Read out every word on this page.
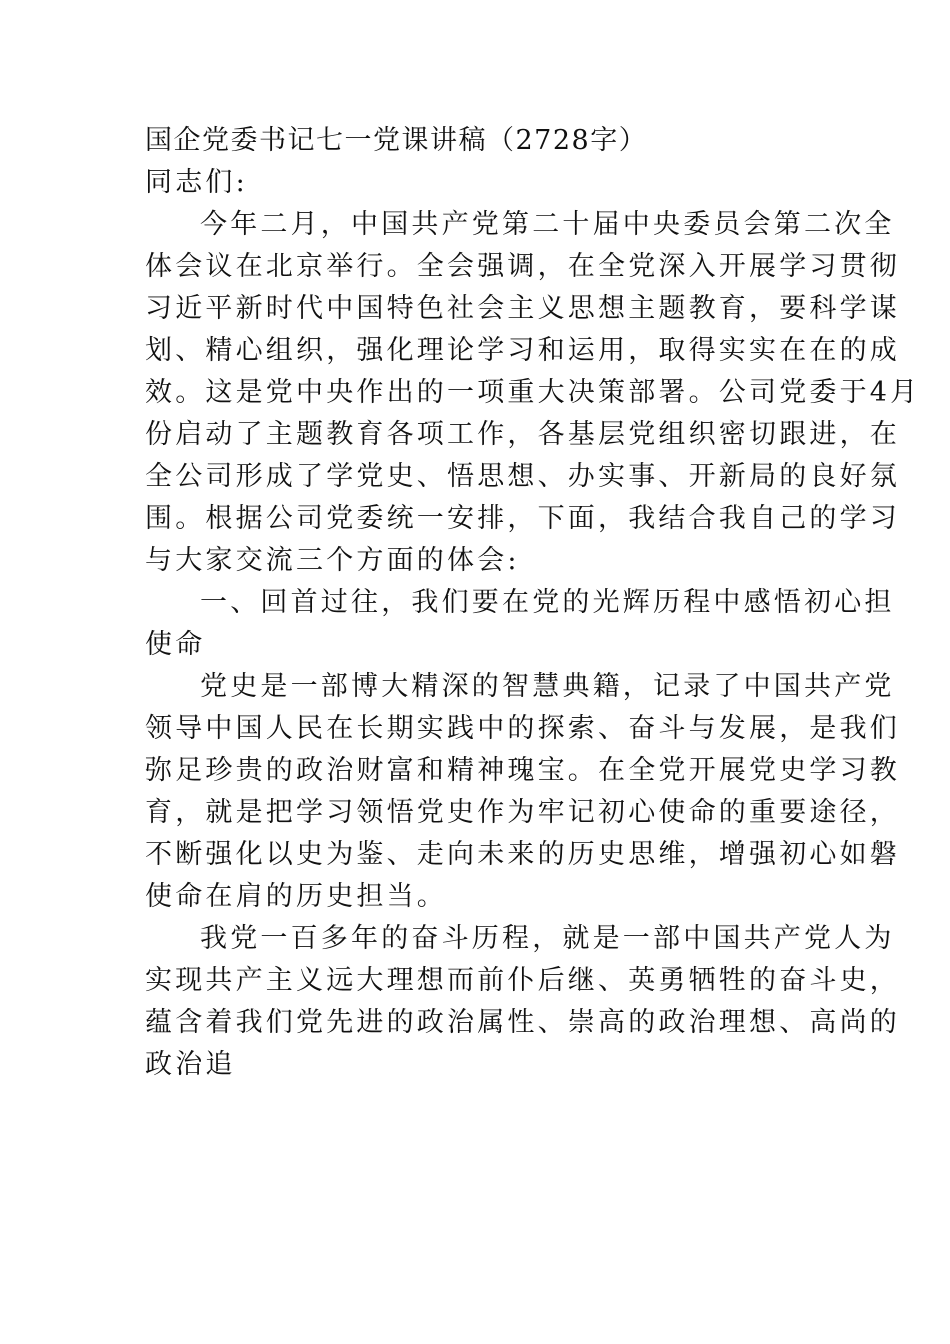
国企党委书记七一党课讲稿（2728字）
同志们:
今年二月，中国共产党第二十届中央委员会第二次全
体会议在北京举行。全会强调，在全党深入开展学习贯彻
习近平新时代中国特色社会主义思想主题教育，要科学谋
划、精心组织，强化理论学习和运用，取得实实在在的成
效。这是党中央作出的一项重大决策部署。公司党委于4月
份启动了主题教育各项工作，各基层党组织密切跟进，在
全公司形成了学党史、悟思想、办实事、开新局的良好氛
围。根据公司党委统一安排，下面，我结合我自己的学习
与大家交流三个方面的体会:
一、回首过往，我们要在党的光辉历程中感悟初心担
使命
党史是一部博大精深的智慧典籍，记录了中国共产党
领导中国人民在长期实践中的探索、奋斗与发展，是我们
弥足珍贵的政治财富和精神瑰宝。在全党开展党史学习教
育，就是把学习领悟党史作为牢记初心使命的重要途径，
不断强化以史为鉴、走向未来的历史思维，增强初心如磐
使命在肩的历史担当。
我党一百多年的奋斗历程，就是一部中国共产党人为
实现共产主义远大理想而前仆后继、英勇牺牲的奋斗史，
蕴含着我们党先进的政治属性、崇高的政治理想、高尚的
政治追
